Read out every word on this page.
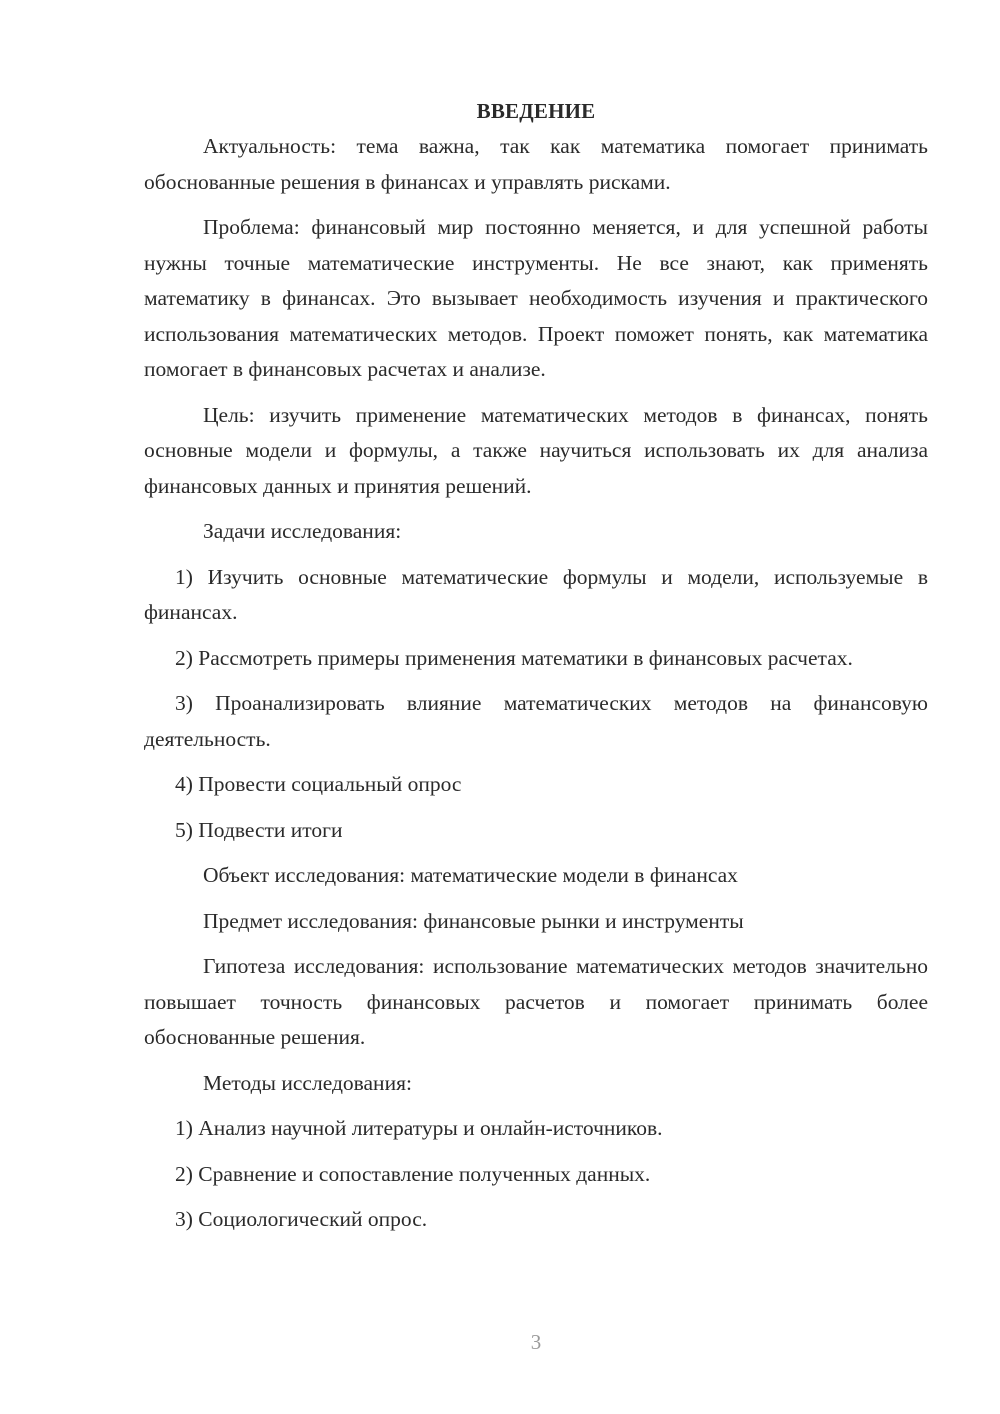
ВВЕДЕНИЕ

Актуальность: тема важна, так как математика помогает принимать обоснованные решения в финансах и управлять рисками.

Проблема: финансовый мир постоянно меняется, и для успешной работы нужны точные математические инструменты. Не все знают, как применять математику в финансах. Это вызывает необходимость изучения и практического использования математических методов. Проект поможет понять, как математика помогает в финансовых расчетах и анализе.

Цель: изучить применение математических методов в финансах, понять основные модели и формулы, а также научиться использовать их для анализа финансовых данных и принятия решений.

Задачи исследования:

1) Изучить основные математические формулы и модели, используемые в финансах.

2) Рассмотреть примеры применения математики в финансовых расчетах.

3) Проанализировать влияние математических методов на финансовую деятельность.

4) Провести социальный опрос

5) Подвести итоги

Объект исследования: математические модели в финансах

Предмет исследования: финансовые рынки и инструменты

Гипотеза исследования: использование математических методов значительно повышает точность финансовых расчетов и помогает принимать более обоснованные решения.

Методы исследования:

1) Анализ научной литературы и онлайн-источников.

2) Сравнение и сопоставление полученных данных.

3) Социологический опрос.

3
